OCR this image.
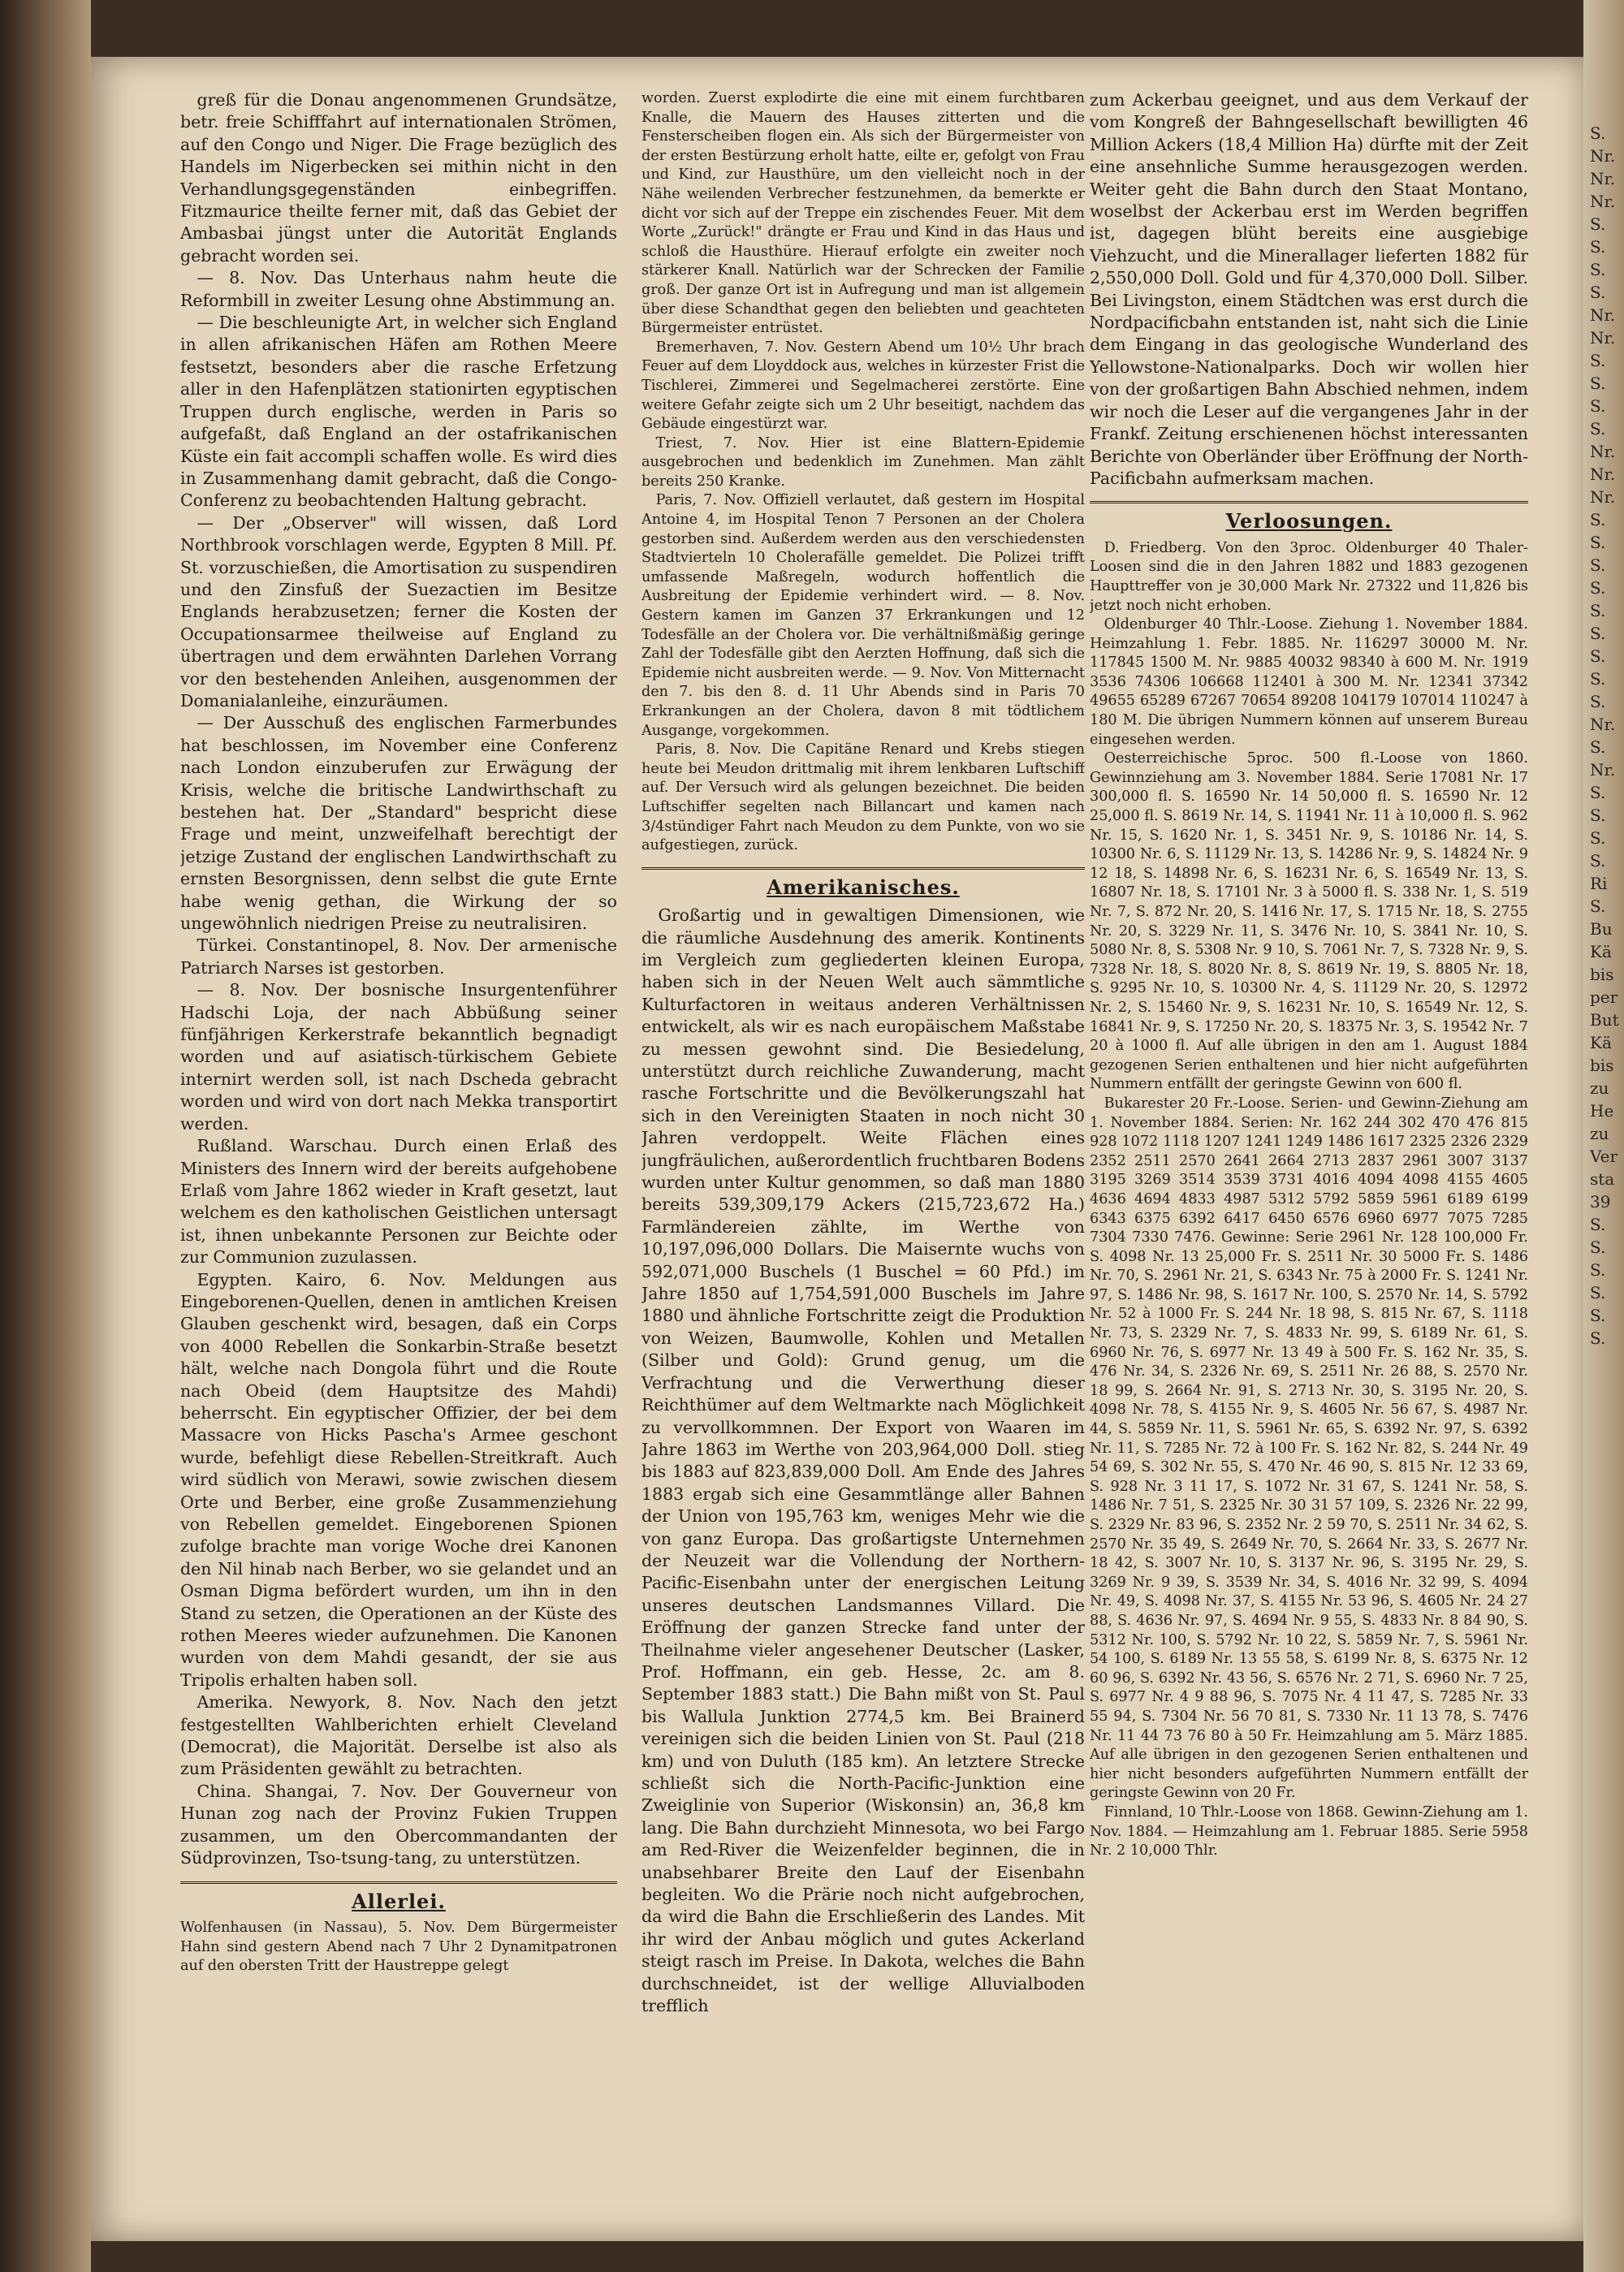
S.
Nr.
Nr.
Nr.
S.
S.
S.
S.
Nr.
Nr.
S.
S.
S.
S.
Nr.
Nr.
Nr.
S.
S.
S.
S.
S.
S.
S.
S.
S.
Nr.
S.
Nr.
S.
S.
S.
S.
Ri
S.
Bu
Kä
bis
per
But
Kä
bis
zu
He
zu
Ver
sta
39
S.
S.
S.
S.
S.
S.

greß für die Donau angenommenen Grundsätze, betr. freie Schifffahrt auf internationalen Strömen, auf den Congo und Niger. Die Frage bezüglich des Handels im Nigerbecken sei mithin nicht in den Verhandlungsgegenständen einbegriffen. Fitzmaurice theilte ferner mit, daß das Gebiet der Ambasbai jüngst unter die Autorität Englands gebracht worden sei.

— 8. Nov. Das Unterhaus nahm heute die Reformbill in zweiter Lesung ohne Abstimmung an.

— Die beschleunigte Art, in welcher sich England in allen afrikanischen Häfen am Rothen Meere festsetzt, besonders aber die rasche Erfetzung aller in den Hafenplätzen stationirten egyptischen Truppen durch englische, werden in Paris so aufgefaßt, daß England an der ostafrikanischen Küste ein fait accompli schaffen wolle. Es wird dies in Zusammenhang damit gebracht, daß die Congo-Conferenz zu beobachtenden Haltung gebracht.

— Der „Observer" will wissen, daß Lord Northbrook vorschlagen werde, Egypten 8 Mill. Pf. St. vorzuschießen, die Amortisation zu suspendiren und den Zinsfuß der Suezactien im Besitze Englands herabzusetzen; ferner die Kosten der Occupationsarmee theilweise auf England zu übertragen und dem erwähnten Darlehen Vorrang vor den bestehenden Anleihen, ausgenommen der Domanialanleihe, einzuräumen.

— Der Ausschuß des englischen Farmerbundes hat beschlossen, im November eine Conferenz nach London einzuberufen zur Erwägung der Krisis, welche die britische Landwirthschaft zu bestehen hat. Der „Standard" bespricht diese Frage und meint, unzweifelhaft berechtigt der jetzige Zustand der englischen Landwirthschaft zu ernsten Besorgnissen, denn selbst die gute Ernte habe wenig gethan, die Wirkung der so ungewöhnlich niedrigen Preise zu neutralisiren.

Türkei. Constantinopel, 8. Nov. Der armenische Patriarch Narses ist gestorben.

— 8. Nov. Der bosnische Insurgentenführer Hadschi Loja, der nach Abbüßung seiner fünfjährigen Kerkerstrafe bekanntlich begnadigt worden und auf asiatisch-türkischem Gebiete internirt werden soll, ist nach Dscheda gebracht worden und wird von dort nach Mekka transportirt werden.

Rußland. Warschau. Durch einen Erlaß des Ministers des Innern wird der bereits aufgehobene Erlaß vom Jahre 1862 wieder in Kraft gesetzt, laut welchem es den katholischen Geistlichen untersagt ist, ihnen unbekannte Personen zur Beichte oder zur Communion zuzulassen.

Egypten. Kairo, 6. Nov. Meldungen aus Eingeborenen-Quellen, denen in amtlichen Kreisen Glauben geschenkt wird, besagen, daß ein Corps von 4000 Rebellen die Sonkarbin-Straße besetzt hält, welche nach Dongola führt und die Route nach Obeid (dem Hauptsitze des Mahdi) beherrscht. Ein egyptischer Offizier, der bei dem Massacre von Hicks Pascha's Armee geschont wurde, befehligt diese Rebellen-Streitkraft. Auch wird südlich von Merawi, sowie zwischen diesem Orte und Berber, eine große Zusammenziehung von Rebellen gemeldet. Eingeborenen Spionen zufolge brachte man vorige Woche drei Kanonen den Nil hinab nach Berber, wo sie gelandet und an Osman Digma befördert wurden, um ihn in den Stand zu setzen, die Operationen an der Küste des rothen Meeres wieder aufzunehmen. Die Kanonen wurden von dem Mahdi gesandt, der sie aus Tripolis erhalten haben soll.

Amerika. Newyork, 8. Nov. Nach den jetzt festgestellten Wahlberichten erhielt Cleveland (Democrat), die Majorität. Derselbe ist also als zum Präsidenten gewählt zu betrachten.

China. Shangai, 7. Nov. Der Gouverneur von Hunan zog nach der Provinz Fukien Truppen zusammen, um den Obercommandanten der Südprovinzen, Tso-tsung-tang, zu unterstützen.

Allerlei.

Wolfenhausen (in Nassau), 5. Nov. Dem Bürgermeister Hahn sind gestern Abend nach 7 Uhr 2 Dynamitpatronen auf den obersten Tritt der Haustreppe gelegt

worden. Zuerst explodirte die eine mit einem furchtbaren Knalle, die Mauern des Hauses zitterten und die Fensterscheiben flogen ein. Als sich der Bürgermeister von der ersten Bestürzung erholt hatte, eilte er, gefolgt von Frau und Kind, zur Hausthüre, um den vielleicht noch in der Nähe weilenden Verbrecher festzunehmen, da bemerkte er dicht vor sich auf der Treppe ein zischendes Feuer. Mit dem Worte „Zurück!" drängte er Frau und Kind in das Haus und schloß die Hausthüre. Hierauf erfolgte ein zweiter noch stärkerer Knall. Natürlich war der Schrecken der Familie groß. Der ganze Ort ist in Aufregung und man ist allgemein über diese Schandthat gegen den beliebten und geachteten Bürgermeister entrüstet.

Bremerhaven, 7. Nov. Gestern Abend um 10½ Uhr brach Feuer auf dem Lloyddock aus, welches in kürzester Frist die Tischlerei, Zimmerei und Segelmacherei zerstörte. Eine weitere Gefahr zeigte sich um 2 Uhr beseitigt, nachdem das Gebäude eingestürzt war.

Triest, 7. Nov. Hier ist eine Blattern-Epidemie ausgebrochen und bedenklich im Zunehmen. Man zählt bereits 250 Kranke.

Paris, 7. Nov. Offiziell verlautet, daß gestern im Hospital Antoine 4, im Hospital Tenon 7 Personen an der Cholera gestorben sind. Außerdem werden aus den verschiedensten Stadtvierteln 10 Cholerafälle gemeldet. Die Polizei trifft umfassende Maßregeln, wodurch hoffentlich die Ausbreitung der Epidemie verhindert wird. — 8. Nov. Gestern kamen im Ganzen 37 Erkrankungen und 12 Todesfälle an der Cholera vor. Die verhältnißmäßig geringe Zahl der Todesfälle gibt den Aerzten Hoffnung, daß sich die Epidemie nicht ausbreiten werde. — 9. Nov. Von Mitternacht den 7. bis den 8. d. 11 Uhr Abends sind in Paris 70 Erkrankungen an der Cholera, davon 8 mit tödtlichem Ausgange, vorgekommen.

Paris, 8. Nov. Die Capitäne Renard und Krebs stiegen heute bei Meudon drittmalig mit ihrem lenkbaren Luftschiff auf. Der Versuch wird als gelungen bezeichnet. Die beiden Luftschiffer segelten nach Billancart und kamen nach 3/4stündiger Fahrt nach Meudon zu dem Punkte, von wo sie aufgestiegen, zurück.

Amerikanisches.

Großartig und in gewaltigen Dimensionen, wie die räumliche Ausdehnung des amerik. Kontinents im Vergleich zum gegliederten kleinen Europa, haben sich in der Neuen Welt auch sämmtliche Kulturfactoren in weitaus anderen Verhältnissen entwickelt, als wir es nach europäischem Maßstabe zu messen gewohnt sind. Die Besiedelung, unterstützt durch reichliche Zuwanderung, macht rasche Fortschritte und die Bevölkerungszahl hat sich in den Vereinigten Staaten in noch nicht 30 Jahren verdoppelt. Weite Flächen eines jungfräulichen, außerordentlich fruchtbaren Bodens wurden unter Kultur genommen, so daß man 1880 bereits 539,309,179 Ackers (215,723,672 Ha.) Farmländereien zählte, im Werthe von 10,197,096,000 Dollars. Die Maisernte wuchs von 592,071,000 Buschels (1 Buschel = 60 Pfd.) im Jahre 1850 auf 1,754,591,000 Buschels im Jahre 1880 und ähnliche Fortschritte zeigt die Produktion von Weizen, Baumwolle, Kohlen und Metallen (Silber und Gold): Grund genug, um die Verfrachtung und die Verwerthung dieser Reichthümer auf dem Weltmarkte nach Möglichkeit zu vervollkommnen. Der Export von Waaren im Jahre 1863 im Werthe von 203,964,000 Doll. stieg bis 1883 auf 823,839,000 Doll. Am Ende des Jahres 1883 ergab sich eine Gesammtlänge aller Bahnen der Union von 195,763 km, weniges Mehr wie die von ganz Europa. Das großartigste Unternehmen der Neuzeit war die Vollendung der Northern-Pacific-Eisenbahn unter der energischen Leitung unseres deutschen Landsmannes Villard. Die Eröffnung der ganzen Strecke fand unter der Theilnahme vieler angesehener Deutscher (Lasker, Prof. Hoffmann, ein geb. Hesse, 2c. am 8. September 1883 statt.) Die Bahn mißt von St. Paul bis Wallula Junktion 2774,5 km. Bei Brainerd vereinigen sich die beiden Linien von St. Paul (218 km) und von Duluth (185 km). An letztere Strecke schließt sich die North-Pacific-Junktion eine Zweiglinie von Superior (Wiskonsin) an, 36,8 km lang. Die Bahn durchzieht Minnesota, wo bei Fargo am Red-River die Weizenfelder beginnen, die in unabsehbarer Breite den Lauf der Eisenbahn begleiten. Wo die Prärie noch nicht aufgebrochen, da wird die Bahn die Erschließerin des Landes. Mit ihr wird der Anbau möglich und gutes Ackerland steigt rasch im Preise. In Dakota, welches die Bahn durchschneidet, ist der wellige Alluvialboden trefflich

zum Ackerbau geeignet, und aus dem Verkauf der vom Kongreß der Bahngesellschaft bewilligten 46 Million Ackers (18,4 Million Ha) dürfte mit der Zeit eine ansehnliche Summe herausgezogen werden. Weiter geht die Bahn durch den Staat Montano, woselbst der Ackerbau erst im Werden begriffen ist, dagegen blüht bereits eine ausgiebige Viehzucht, und die Minerallager lieferten 1882 für 2,550,000 Doll. Gold und für 4,370,000 Doll. Silber. Bei Livingston, einem Städtchen was erst durch die Nordpacificbahn entstanden ist, naht sich die Linie dem Eingang in das geologische Wunderland des Yellowstone-Nationalparks. Doch wir wollen hier von der großartigen Bahn Abschied nehmen, indem wir noch die Leser auf die vergangenes Jahr in der Frankf. Zeitung erschienenen höchst interessanten Berichte von Oberländer über Eröffnung der North-Pacificbahn aufmerksam machen.

Verloosungen.

D. Friedberg. Von den 3proc. Oldenburger 40 Thaler-Loosen sind die in den Jahren 1882 und 1883 gezogenen Haupttreffer von je 30,000 Mark Nr. 27322 und 11,826 bis jetzt noch nicht erhoben.

Oldenburger 40 Thlr.-Loose. Ziehung 1. November 1884. Heimzahlung 1. Febr. 1885. Nr. 116297 30000 M. Nr. 117845 1500 M. Nr. 9885 40032 98340 à 600 M. Nr. 1919 3536 74306 106668 112401 à 300 M. Nr. 12341 37342 49655 65289 67267 70654 89208 104179 107014 110247 à 180 M. Die übrigen Nummern können auf unserem Bureau eingesehen werden.

Oesterreichische 5proc. 500 fl.-Loose von 1860. Gewinnziehung am 3. November 1884. Serie 17081 Nr. 17 300,000 fl. S. 16590 Nr. 14 50,000 fl. S. 16590 Nr. 12 25,000 fl. S. 8619 Nr. 14, S. 11941 Nr. 11 à 10,000 fl. S. 962 Nr. 15, S. 1620 Nr. 1, S. 3451 Nr. 9, S. 10186 Nr. 14, S. 10300 Nr. 6, S. 11129 Nr. 13, S. 14286 Nr. 9, S. 14824 Nr. 9 12 18, S. 14898 Nr. 6, S. 16231 Nr. 6, S. 16549 Nr. 13, S. 16807 Nr. 18, S. 17101 Nr. 3 à 5000 fl. S. 338 Nr. 1, S. 519 Nr. 7, S. 872 Nr. 20, S. 1416 Nr. 17, S. 1715 Nr. 18, S. 2755 Nr. 20, S. 3229 Nr. 11, S. 3476 Nr. 10, S. 3841 Nr. 10, S. 5080 Nr. 8, S. 5308 Nr. 9 10, S. 7061 Nr. 7, S. 7328 Nr. 9, S. 7328 Nr. 18, S. 8020 Nr. 8, S. 8619 Nr. 19, S. 8805 Nr. 18, S. 9295 Nr. 10, S. 10300 Nr. 4, S. 11129 Nr. 20, S. 12972 Nr. 2, S. 15460 Nr. 9, S. 16231 Nr. 10, S. 16549 Nr. 12, S. 16841 Nr. 9, S. 17250 Nr. 20, S. 18375 Nr. 3, S. 19542 Nr. 7 20 à 1000 fl. Auf alle übrigen in den am 1. August 1884 gezogenen Serien enthaltenen und hier nicht aufgeführten Nummern entfällt der geringste Gewinn von 600 fl.

Bukarester 20 Fr.-Loose. Serien- und Gewinn-Ziehung am 1. November 1884. Serien: Nr. 162 244 302 470 476 815 928 1072 1118 1207 1241 1249 1486 1617 2325 2326 2329 2352 2511 2570 2641 2664 2713 2837 2961 3007 3137 3195 3269 3514 3539 3731 4016 4094 4098 4155 4605 4636 4694 4833 4987 5312 5792 5859 5961 6189 6199 6343 6375 6392 6417 6450 6576 6960 6977 7075 7285 7304 7330 7476. Gewinne: Serie 2961 Nr. 128 100,000 Fr. S. 4098 Nr. 13 25,000 Fr. S. 2511 Nr. 30 5000 Fr. S. 1486 Nr. 70, S. 2961 Nr. 21, S. 6343 Nr. 75 à 2000 Fr. S. 1241 Nr. 97, S. 1486 Nr. 98, S. 1617 Nr. 100, S. 2570 Nr. 14, S. 5792 Nr. 52 à 1000 Fr. S. 244 Nr. 18 98, S. 815 Nr. 67, S. 1118 Nr. 73, S. 2329 Nr. 7, S. 4833 Nr. 99, S. 6189 Nr. 61, S. 6960 Nr. 76, S. 6977 Nr. 13 49 à 500 Fr. S. 162 Nr. 35, S. 476 Nr. 34, S. 2326 Nr. 69, S. 2511 Nr. 26 88, S. 2570 Nr. 18 99, S. 2664 Nr. 91, S. 2713 Nr. 30, S. 3195 Nr. 20, S. 4098 Nr. 78, S. 4155 Nr. 9, S. 4605 Nr. 56 67, S. 4987 Nr. 44, S. 5859 Nr. 11, S. 5961 Nr. 65, S. 6392 Nr. 97, S. 6392 Nr. 11, S. 7285 Nr. 72 à 100 Fr. S. 162 Nr. 82, S. 244 Nr. 49 54 69, S. 302 Nr. 55, S. 470 Nr. 46 90, S. 815 Nr. 12 33 69, S. 928 Nr. 3 11 17, S. 1072 Nr. 31 67, S. 1241 Nr. 58, S. 1486 Nr. 7 51, S. 2325 Nr. 30 31 57 109, S. 2326 Nr. 22 99, S. 2329 Nr. 83 96, S. 2352 Nr. 2 59 70, S. 2511 Nr. 34 62, S. 2570 Nr. 35 49, S. 2649 Nr. 70, S. 2664 Nr. 33, S. 2677 Nr. 18 42, S. 3007 Nr. 10, S. 3137 Nr. 96, S. 3195 Nr. 29, S. 3269 Nr. 9 39, S. 3539 Nr. 34, S. 4016 Nr. 32 99, S. 4094 Nr. 49, S. 4098 Nr. 37, S. 4155 Nr. 53 96, S. 4605 Nr. 24 27 88, S. 4636 Nr. 97, S. 4694 Nr. 9 55, S. 4833 Nr. 8 84 90, S. 5312 Nr. 100, S. 5792 Nr. 10 22, S. 5859 Nr. 7, S. 5961 Nr. 54 100, S. 6189 Nr. 13 55 58, S. 6199 Nr. 8, S. 6375 Nr. 12 60 96, S. 6392 Nr. 43 56, S. 6576 Nr. 2 71, S. 6960 Nr. 7 25, S. 6977 Nr. 4 9 88 96, S. 7075 Nr. 4 11 47, S. 7285 Nr. 33 55 94, S. 7304 Nr. 56 70 81, S. 7330 Nr. 11 13 78, S. 7476 Nr. 11 44 73 76 80 à 50 Fr. Heimzahlung am 5. März 1885. Auf alle übrigen in den gezogenen Serien enthaltenen und hier nicht besonders aufgeführten Nummern entfällt der geringste Gewinn von 20 Fr.

Finnland, 10 Thlr.-Loose von 1868. Gewinn-Ziehung am 1. Nov. 1884. — Heimzahlung am 1. Februar 1885. Serie 5958 Nr. 2 10,000 Thlr.
